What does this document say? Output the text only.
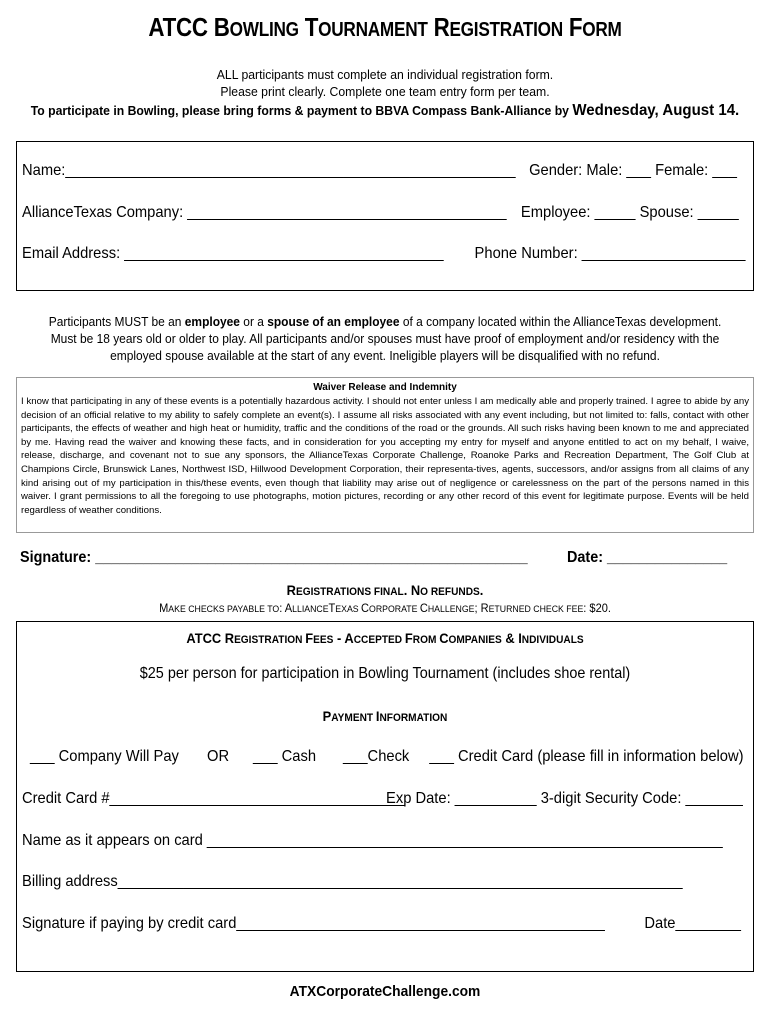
ATCC BOWLING TOURNAMENT REGISTRATION FORM
ALL participants must complete an individual registration form.
Please print clearly. Complete one team entry form per team.
To participate in Bowling, please bring forms & payment to BBVA Compass Bank-Alliance by Wednesday, August 14.
Name:_______________________________________________________ Gender: Male: ___ Female: ___
AllianceTexas Company: _______________________________________ Employee: _____ Spouse: _____
Email Address: _______________________________________ Phone Number: ____________________
Participants MUST be an employee or a spouse of an employee of a company located within the AllianceTexas development.
Must be 18 years old or older to play. All participants and/or spouses must have proof of employment and/or residency with the
employed spouse available at the start of any event. Ineligible players will be disqualified with no refund.
Waiver Release and Indemnity
I know that participating in any of these events is a potentially hazardous activity. I should not enter unless I am medically able and properly trained. I agree to abide by any decision of an official relative to my ability to safely complete an event(s). I assume all risks associated with any event including, but not limited to: falls, contact with other participants, the effects of weather and high heat or humidity, traffic and the conditions of the road or the grounds. All such risks having been known to me and appreciated by me. Having read the waiver and knowing these facts, and in consideration for you accepting my entry for myself and anyone entitled to act on my behalf, I waive, release, discharge, and covenant not to sue any sponsors, the AllianceTexas Corporate Challenge, Roanoke Parks and Recreation Department, The Golf Club at Champions Circle, Brunswick Lanes, Northwest ISD, Hillwood Development Corporation, their representa-tives, agents, successors, and/or assigns from all claims of any kind arising out of my participation in this/these events, even though that liability may arise out of negligence or carelessness on the part of the persons named in this waiver. I grant permissions to all the foregoing to use photographs, motion pictures, recording or any other record of this event for legitimate purpose. Events will be held regardless of weather conditions.
Signature: ______________________________________________________ Date: _______________
REGISTRATIONS FINAL. NO REFUNDS.
MAKE CHECKS PAYABLE TO: ALLIANCETEXAS CORPORATE CHALLENGE; RETURNED CHECK FEE: $20.
ATCC REGISTRATION FEES - ACCEPTED FROM COMPANIES & INDIVIDUALS
$25 per person for participation in Bowling Tournament (includes shoe rental)
PAYMENT INFORMATION
___ Company Will Pay OR ___ Cash ___Check ___ Credit Card (please fill in information below)
Credit Card #____________________________________
Exp Date: __________ 3-digit Security Code: _______
Name as it appears on card _______________________________________________________________
Billing address_____________________________________________________________________
Signature if paying by credit card_____________________________________________ Date________
ATXCorporateChallenge.com
